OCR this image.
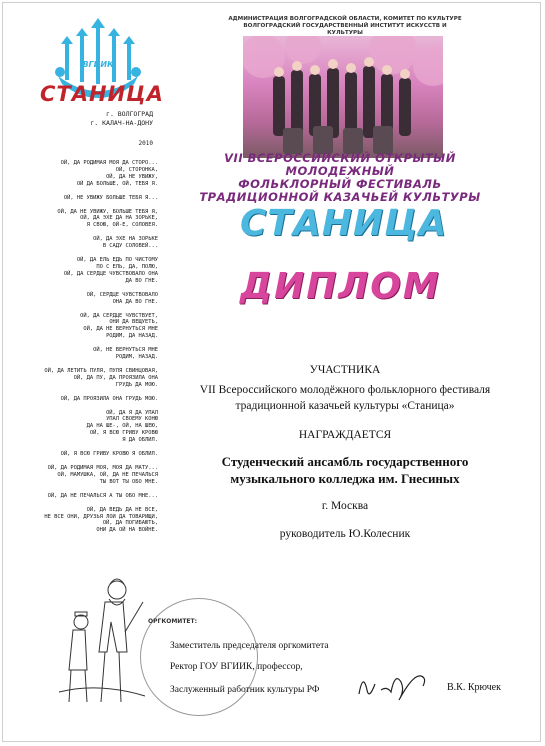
ВГИИК
СТАНИЦА
г. ВОЛГОГРАД
г. КАЛАЧ-НА-ДОНУ
2010
ОЙ, ДА РОДИМАЯ МОЯ ДА СТОРО...
ОЙ, СТОРОНКА,
ОЙ, ДА НЕ УВИЖУ,
ОЙ ДА БОЛЬШЕ, ОЙ, ТЕБЯ Я.
ОЙ, НЕ УВИЖУ БОЛЬШЕ ТЕБЯ Я...
ОЙ, ДА НЕ УВИЖУ, БОЛЬШЕ ТЕБЯ Я,
ОЙ, ДА ЭХЕ ДА НА ЗОРЬКЕ,
Я СВОЮ, ОЙ-Е, СОЛОВЕЯ.
ОЙ, ДА ЭХЕ НА ЗОРЬКЕ
В САДУ СОЛОВЕЙ...
ОЙ, ДА ЕЛЬ ЕДЬ ПО ЧИСТОМУ
ПО С ЕЛЬ, ДА, ПОЛЮ,
ОЙ, ДА СЕРДЦЕ ЧУВСТВОВАЛО ОНА
ДА ВО ГНЕ.
ОЙ, СЕРДЦЕ ЧУВСТВОВАЛО
ОНА ДА ВО ГНЕ.
ОЙ, ДА СЕРДЦЕ ЧУВСТВУЕТ,
ОНИ ДА ВЕЩУЕТЬ,
ОЙ, ДА НЕ ВЕРНУТЬСЯ МНЕ
РОДИМ, ДА НАЗАД.
ОЙ, НЕ ВЕРНУТЬСЯ МНЕ
РОДИМ, НАЗАД.
ОЙ, ДА ЛЕТИТЬ ПУЛЯ, ПУЛЯ СВИНЦОВАЯ,
ОЙ, ДА ПУ, ДА ПРОЯЗИЛА ОНА
ГРУДЬ ДА МОЮ.
ОЙ, ДА ПРОЯЗИЛА ОНА ГРУДЬ МОЮ.
ОЙ, ДА Я ДА УПАЛ
УПАЛ СВОЕМУ КОНЮ
ДА НА ШЕ-, ОЙ, НА ШЕЮ,
ОЙ, Я ВСЮ ГРИВУ КРОВЮ
Я ДА ОБЛИЛ.
ОЙ, Я ВСЮ ГРИВУ КРОВЮ Я ОБЛИЛ.
ОЙ, ДА РОДИМАЯ МОЯ, МОЯ ДА МАТУ...
ОЙ, МАМУШКА, ОЙ, ДА НЕ ПЕЧАЛЬСЯ
ТЫ ВОТ ТЫ ОБО МНЕ.
ОЙ, ДА НЕ ПЕЧАЛЬСЯ А ТЫ ОБО МНЕ...
ОЙ, ДА ВЕДЬ ДА НЕ ВСЕ,
НЕ ВСЕ ОНИ, ДРУЗЬЯ ЛОИ ДА ТОВАРИЩИ,
ОЙ, ДА ПОГИБАЮТЬ,
ОНИ ДА ОЙ НА ВОЙНЕ.
АДМИНИСТРАЦИЯ ВОЛГОГРАДСКОЙ ОБЛАСТИ, КОМИТЕТ ПО КУЛЬТУРЕ
ВОЛГОГРАДСКИЙ ГОСУДАРСТВЕННЫЙ ИНСТИТУТ ИСКУССТВ И КУЛЬТУРЫ
VII ВСЕРОССИЙСКИЙ ОТКРЫТЫЙ МОЛОДЕЖНЫЙ
ФОЛЬКЛОРНЫЙ ФЕСТИВАЛЬ
ТРАДИЦИОННОЙ КАЗАЧЬЕЙ КУЛЬТУРЫ
СТАНИЦА
ДИПЛОМ
УЧАСТНИКА
VII Всероссийского молодёжного фольклорного фестиваля
традиционной казачьей культуры «Станица»
НАГРАЖДАЕТСЯ
Студенческий ансамбль государственного
музыкального колледжа им. Гнесиных
г. Москва
руководитель Ю.Колесник
ОРГКОМИТЕТ:
Заместитель председателя оргкомитета
Ректор ГОУ ВГИИК, профессор,
Заслуженный работник культуры РФ	В.К. Крючек
